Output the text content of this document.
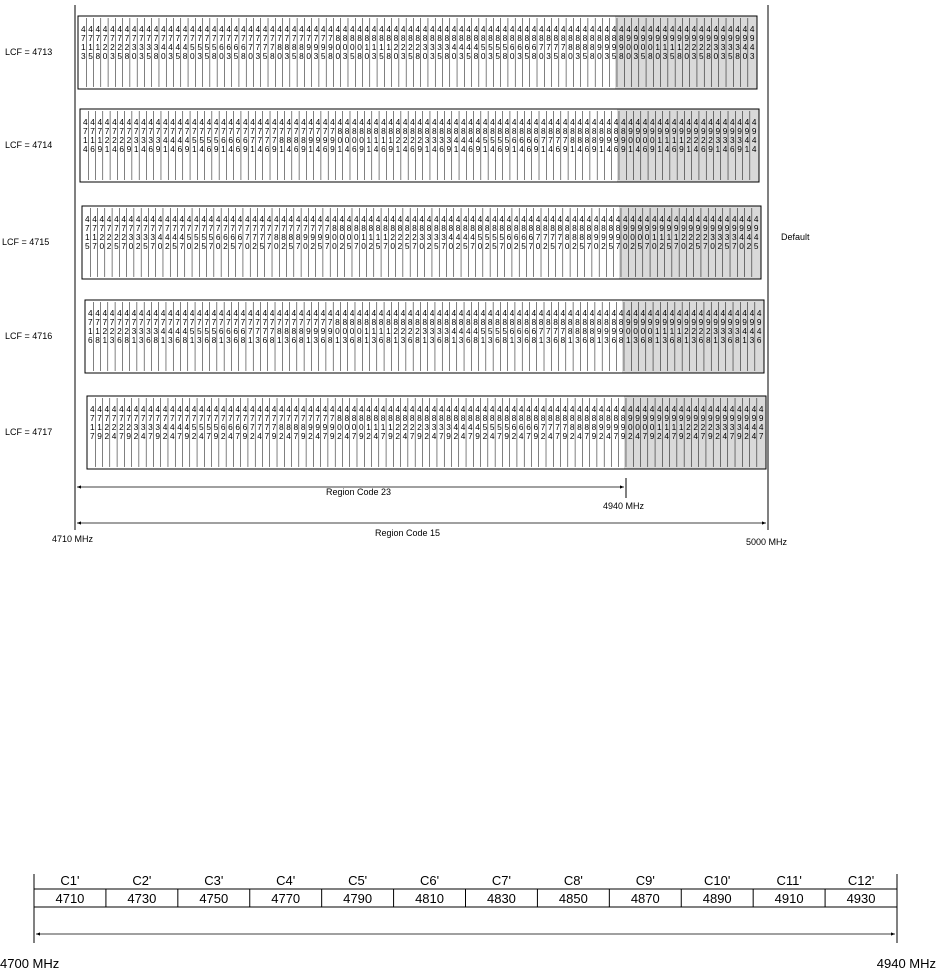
4
7
1
3
4
7
1
5
4
7
1
8
4
7
2
0
4
7
2
3
4
7
2
5
4
7
2
8
4
7
3
0
4
7
3
3
4
7
3
5
4
7
3
8
4
7
4
0
4
7
4
3
4
7
4
5
4
7
4
8
4
7
5
0
4
7
5
3
4
7
5
5
4
7
5
8
4
7
6
0
4
7
6
3
4
7
6
5
4
7
6
8
4
7
7
0
4
7
7
3
4
7
7
5
4
7
7
8
4
7
8
0
4
7
8
3
4
7
8
5
4
7
8
8
4
7
9
0
4
7
9
3
4
7
9
5
4
7
9
8
4
8
0
0
4
8
0
3
4
8
0
5
4
8
0
8
4
8
1
0
4
8
1
3
4
8
1
5
4
8
1
8
4
8
2
0
4
8
2
3
4
8
2
5
4
8
2
8
4
8
3
0
4
8
3
3
4
8
3
5
4
8
3
8
4
8
4
0
4
8
4
3
4
8
4
5
4
8
4
8
4
8
5
0
4
8
5
3
4
8
5
5
4
8
5
8
4
8
6
0
4
8
6
3
4
8
6
5
4
8
6
8
4
8
7
0
4
8
7
3
4
8
7
5
4
8
7
8
4
8
8
0
4
8
8
3
4
8
8
5
4
8
8
8
4
8
9
0
4
8
9
3
4
8
9
5
4
8
9
8
4
9
0
0
4
9
0
3
4
9
0
5
4
9
0
8
4
9
1
0
4
9
1
3
4
9
1
5
4
9
1
8
4
9
2
0
4
9
2
3
4
9
2
5
4
9
2
8
4
9
3
0
4
9
3
3
4
9
3
5
4
9
3
8
4
9
4
0
4
9
4
3
LCF = 4713
4
7
1
4
4
7
1
6
4
7
1
9
4
7
2
1
4
7
2
4
4
7
2
6
4
7
2
9
4
7
3
1
4
7
3
4
4
7
3
6
4
7
3
9
4
7
4
1
4
7
4
4
4
7
4
6
4
7
4
9
4
7
5
1
4
7
5
4
4
7
5
6
4
7
5
9
4
7
6
1
4
7
6
4
4
7
6
6
4
7
6
9
4
7
7
1
4
7
7
4
4
7
7
6
4
7
7
9
4
7
8
1
4
7
8
4
4
7
8
6
4
7
8
9
4
7
9
1
4
7
9
4
4
7
9
6
4
7
9
9
4
8
0
1
4
8
0
4
4
8
0
6
4
8
0
9
4
8
1
1
4
8
1
4
4
8
1
6
4
8
1
9
4
8
2
1
4
8
2
4
4
8
2
6
4
8
2
9
4
8
3
1
4
8
3
4
4
8
3
6
4
8
3
9
4
8
4
1
4
8
4
4
4
8
4
6
4
8
4
9
4
8
5
1
4
8
5
4
4
8
5
6
4
8
5
9
4
8
6
1
4
8
6
4
4
8
6
6
4
8
6
9
4
8
7
1
4
8
7
4
4
8
7
6
4
8
7
9
4
8
8
1
4
8
8
4
4
8
8
6
4
8
8
9
4
8
9
1
4
8
9
4
4
8
9
6
4
8
9
9
4
9
0
1
4
9
0
4
4
9
0
6
4
9
0
9
4
9
1
1
4
9
1
4
4
9
1
6
4
9
1
9
4
9
2
1
4
9
2
4
4
9
2
6
4
9
2
9
4
9
3
1
4
9
3
4
4
9
3
6
4
9
3
9
4
9
4
1
4
9
4
4
LCF = 4714
4
7
1
5
4
7
1
7
4
7
2
0
4
7
2
2
4
7
2
5
4
7
2
7
4
7
3
0
4
7
3
2
4
7
3
5
4
7
3
7
4
7
4
0
4
7
4
2
4
7
4
5
4
7
4
7
4
7
5
0
4
7
5
2
4
7
5
5
4
7
5
7
4
7
6
0
4
7
6
2
4
7
6
5
4
7
6
7
4
7
7
0
4
7
7
2
4
7
7
5
4
7
7
7
4
7
8
0
4
7
8
2
4
7
8
5
4
7
8
7
4
7
9
0
4
7
9
2
4
7
9
5
4
7
9
7
4
8
0
0
4
8
0
2
4
8
0
5
4
8
0
7
4
8
1
0
4
8
1
2
4
8
1
5
4
8
1
7
4
8
2
0
4
8
2
2
4
8
2
5
4
8
2
7
4
8
3
0
4
8
3
2
4
8
3
5
4
8
3
7
4
8
4
0
4
8
4
2
4
8
4
5
4
8
4
7
4
8
5
0
4
8
5
2
4
8
5
5
4
8
5
7
4
8
6
0
4
8
6
2
4
8
6
5
4
8
6
7
4
8
7
0
4
8
7
2
4
8
7
5
4
8
7
7
4
8
8
0
4
8
8
2
4
8
8
5
4
8
8
7
4
8
9
0
4
8
9
2
4
8
9
5
4
8
9
7
4
9
0
0
4
9
0
2
4
9
0
5
4
9
0
7
4
9
1
0
4
9
1
2
4
9
1
5
4
9
1
7
4
9
2
0
4
9
2
2
4
9
2
5
4
9
2
7
4
9
3
0
4
9
3
2
4
9
3
5
4
9
3
7
4
9
4
0
4
9
4
2
4
9
4
5
LCF = 4715
4
7
1
6
4
7
1
8
4
7
2
1
4
7
2
3
4
7
2
6
4
7
2
8
4
7
3
1
4
7
3
3
4
7
3
6
4
7
3
8
4
7
4
1
4
7
4
3
4
7
4
6
4
7
4
8
4
7
5
1
4
7
5
3
4
7
5
6
4
7
5
8
4
7
6
1
4
7
6
3
4
7
6
6
4
7
6
8
4
7
7
1
4
7
7
3
4
7
7
6
4
7
7
8
4
7
8
1
4
7
8
3
4
7
8
6
4
7
8
8
4
7
9
1
4
7
9
3
4
7
9
6
4
7
9
8
4
8
0
1
4
8
0
3
4
8
0
6
4
8
0
8
4
8
1
1
4
8
1
3
4
8
1
6
4
8
1
8
4
8
2
1
4
8
2
3
4
8
2
6
4
8
2
8
4
8
3
1
4
8
3
3
4
8
3
6
4
8
3
8
4
8
4
1
4
8
4
3
4
8
4
6
4
8
4
8
4
8
5
1
4
8
5
3
4
8
5
6
4
8
5
8
4
8
6
1
4
8
6
3
4
8
6
6
4
8
6
8
4
8
7
1
4
8
7
3
4
8
7
6
4
8
7
8
4
8
8
1
4
8
8
3
4
8
8
6
4
8
8
8
4
8
9
1
4
8
9
3
4
8
9
6
4
8
9
8
4
9
0
1
4
9
0
3
4
9
0
6
4
9
0
8
4
9
1
1
4
9
1
3
4
9
1
6
4
9
1
8
4
9
2
1
4
9
2
3
4
9
2
6
4
9
2
8
4
9
3
1
4
9
3
3
4
9
3
6
4
9
3
8
4
9
4
1
4
9
4
3
4
9
4
6
LCF = 4716
4
7
1
7
4
7
1
9
4
7
2
2
4
7
2
4
4
7
2
7
4
7
2
9
4
7
3
2
4
7
3
4
4
7
3
7
4
7
3
9
4
7
4
2
4
7
4
4
4
7
4
7
4
7
4
9
4
7
5
2
4
7
5
4
4
7
5
7
4
7
5
9
4
7
6
2
4
7
6
4
4
7
6
7
4
7
6
9
4
7
7
2
4
7
7
4
4
7
7
7
4
7
7
9
4
7
8
2
4
7
8
4
4
7
8
7
4
7
8
9
4
7
9
2
4
7
9
4
4
7
9
7
4
7
9
9
4
8
0
2
4
8
0
4
4
8
0
7
4
8
0
9
4
8
1
2
4
8
1
4
4
8
1
7
4
8
1
9
4
8
2
2
4
8
2
4
4
8
2
7
4
8
2
9
4
8
3
2
4
8
3
4
4
8
3
7
4
8
3
9
4
8
4
2
4
8
4
4
4
8
4
7
4
8
4
9
4
8
5
2
4
8
5
4
4
8
5
7
4
8
5
9
4
8
6
2
4
8
6
4
4
8
6
7
4
8
6
9
4
8
7
2
4
8
7
4
4
8
7
7
4
8
7
9
4
8
8
2
4
8
8
4
4
8
8
7
4
8
8
9
4
8
9
2
4
8
9
4
4
8
9
7
4
8
9
9
4
9
0
2
4
9
0
4
4
9
0
7
4
9
0
9
4
9
1
2
4
9
1
4
4
9
1
7
4
9
1
9
4
9
2
2
4
9
2
4
4
9
2
7
4
9
2
9
4
9
3
2
4
9
3
4
4
9
3
7
4
9
3
9
4
9
4
2
4
9
4
4
4
9
4
7
LCF = 4717
Default
Region Code 23
4940 MHz
Region Code 15
4710 MHz	5000 MHz
C1'
4710
C2'
4730
C3'
4750
C4'
4770
C5'
4790
C6'
4810
C7'
4830
C8'
4850
C9'
4870
C10'
4890
C11'
4910
C12'
4930
4700 MHz	4940 MHz
